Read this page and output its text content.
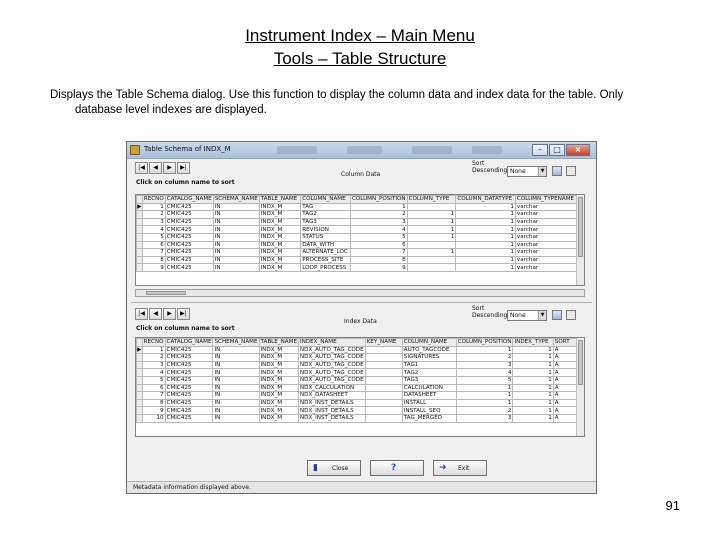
Instrument Index – Main Menu
Tools – Table Structure
Displays the Table Schema dialog. Use this function to display the column data and index data for the table. Only
database level indexes are displayed.
Table Schema of INDX_M	–	□	×
|◀ ◀ ▶ ▶|
Click on column name to sort
Column Data
Sort
Descending None	▼
	RECNO	CATALOG_NAME	SCHEMA_NAME	TABLE_NAME	COLUMN_NAME	COLUMN_POSITION	COLUMN_TYPE	COLUMN_DATATYPE	COLUMN_TYPENAME
▶	1	CMIC425	IN	INDX_M	TAG	1		1	varchar
	2	CMIC425	IN	INDX_M	TAG2	2	1	1	varchar
	3	CMIC425	IN	INDX_M	TAG3	3	1	1	varchar
	4	CMIC425	IN	INDX_M	REVISION	4	1	1	varchar
	5	CMIC425	IN	INDX_M	STATUS	5	1	1	varchar
	6	CMIC425	IN	INDX_M	DATA_WITH	6		1	varchar
	7	CMIC425	IN	INDX_M	ALTERNATE_LOC	7	1	1	varchar
	8	CMIC425	IN	INDX_M	PROCESS_SITE	8		1	varchar
	9	CMIC425	IN	INDX_M	LOOP_PROCESS	9		1	varchar
|◀ ◀ ▶ ▶|
Click on column name to sort
Index Data
Sort
Descending None	▼
	RECNO	CATALOG_NAME	SCHEMA_NAME	TABLE_NAME	INDEX_NAME	KEY_NAME	COLUMN_NAME	COLUMN_POSITION	INDEX_TYPE	SORT
▶	1	CMIC425	IN	INDX_M	NDX_AUTO_TAG_CODE		AUTO_TAGCODE	1	1	A
	2	CMIC425	IN	INDX_M	NDX_AUTO_TAG_CODE		SIGNATURES	2	1	A
	3	CMIC425	IN	INDX_M	NDX_AUTO_TAG_CODE		TAG1	3	1	A
	4	CMIC425	IN	INDX_M	NDX_AUTO_TAG_CODE		TAG2	4	1	A
	5	CMIC425	IN	INDX_M	NDX_AUTO_TAG_CODE		TAG3	5	1	A
	6	CMIC425	IN	INDX_M	NDX_CALCULATION		CALCULATION	1	1	A
	7	CMIC425	IN	INDX_M	NDX_DATASHEET		DATASHEET	1	1	A
	8	CMIC425	IN	INDX_M	NDX_INST_DETAILS		INSTALL	1	1	A
	9	CMIC425	IN	INDX_M	NDX_INST_DETAILS		INSTALL_SEQ	2	1	A
	10	CMIC425	IN	INDX_M	NDX_INST_DETAILS		TAG_MERGED	3	1	A
▮ Close	?	➜ Exit
Metadata information displayed above.
91
